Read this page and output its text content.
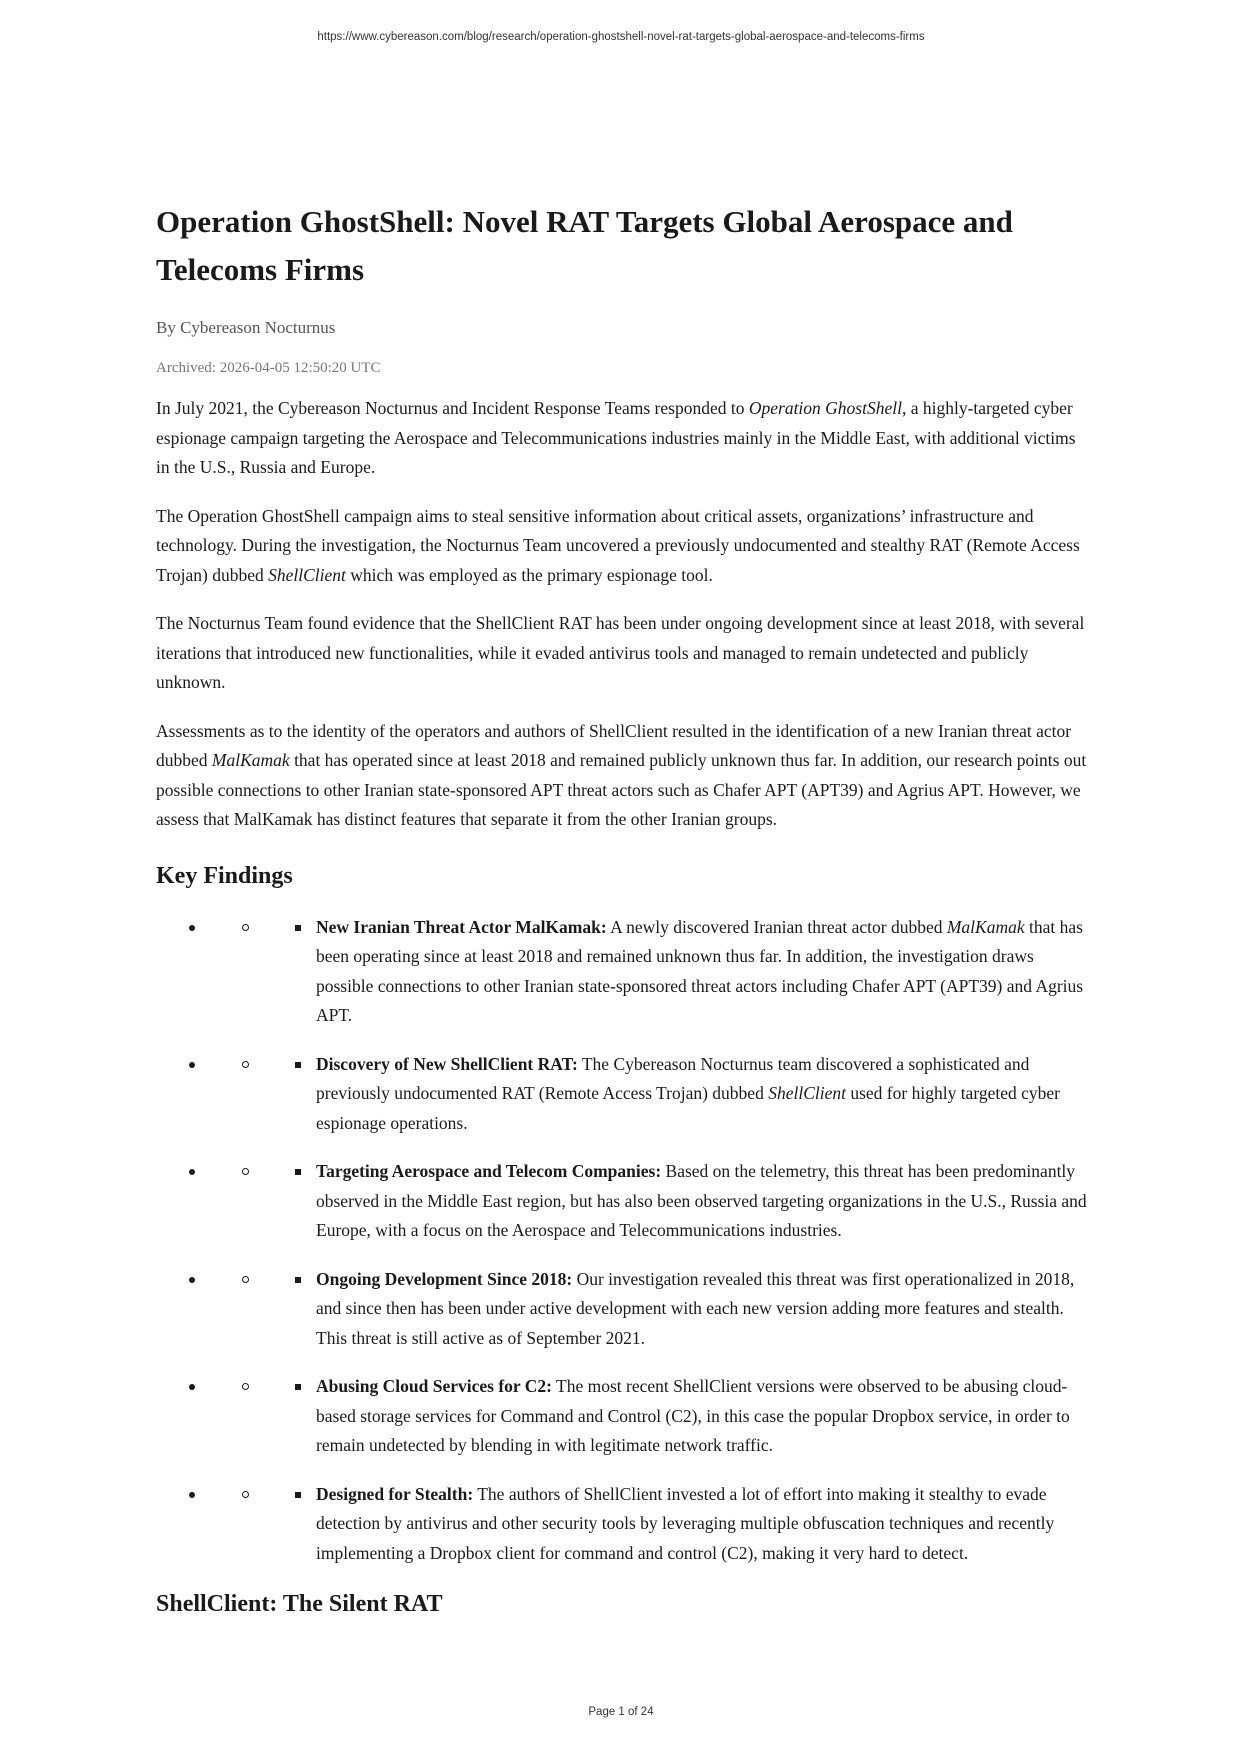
https://www.cybereason.com/blog/research/operation-ghostshell-novel-rat-targets-global-aerospace-and-telecoms-firms
Operation GhostShell: Novel RAT Targets Global Aerospace and Telecoms Firms
By Cybereason Nocturnus
Archived: 2026-04-05 12:50:20 UTC

In July 2021, the Cybereason Nocturnus and Incident Response Teams responded to Operation GhostShell, a highly-targeted cyber espionage campaign targeting the Aerospace and Telecommunications industries mainly in the Middle East, with additional victims in the U.S., Russia and Europe.

The Operation GhostShell campaign aims to steal sensitive information about critical assets, organizations’ infrastructure and technology. During the investigation, the Nocturnus Team uncovered a previously undocumented and stealthy RAT (Remote Access Trojan) dubbed ShellClient which was employed as the primary espionage tool.

The Nocturnus Team found evidence that the ShellClient RAT has been under ongoing development since at least 2018, with several iterations that introduced new functionalities, while it evaded antivirus tools and managed to remain undetected and publicly unknown.

Assessments as to the identity of the operators and authors of ShellClient resulted in the identification of a new Iranian threat actor dubbed MalKamak that has operated since at least 2018 and remained publicly unknown thus far. In addition, our research points out possible connections to other Iranian state-sponsored APT threat actors such as Chafer APT (APT39) and Agrius APT. However, we assess that MalKamak has distinct features that separate it from the other Iranian groups.

Key Findings
New Iranian Threat Actor MalKamak: A newly discovered Iranian threat actor dubbed MalKamak that has been operating since at least 2018 and remained unknown thus far. In addition, the investigation draws possible connections to other Iranian state-sponsored threat actors including Chafer APT (APT39) and Agrius APT.
Discovery of New ShellClient RAT: The Cybereason Nocturnus team discovered a sophisticated and previously undocumented RAT (Remote Access Trojan) dubbed ShellClient used for highly targeted cyber espionage operations.
Targeting Aerospace and Telecom Companies: Based on the telemetry, this threat has been predominantly observed in the Middle East region, but has also been observed targeting organizations in the U.S., Russia and Europe, with a focus on the Aerospace and Telecommunications industries.
Ongoing Development Since 2018: Our investigation revealed this threat was first operationalized in 2018, and since then has been under active development with each new version adding more features and stealth. This threat is still active as of September 2021.
Abusing Cloud Services for C2: The most recent ShellClient versions were observed to be abusing cloud-based storage services for Command and Control (C2), in this case the popular Dropbox service, in order to remain undetected by blending in with legitimate network traffic.
Designed for Stealth: The authors of ShellClient invested a lot of effort into making it stealthy to evade detection by antivirus and other security tools by leveraging multiple obfuscation techniques and recently implementing a Dropbox client for command and control (C2), making it very hard to detect.
ShellClient: The Silent RAT
Page 1 of 24
